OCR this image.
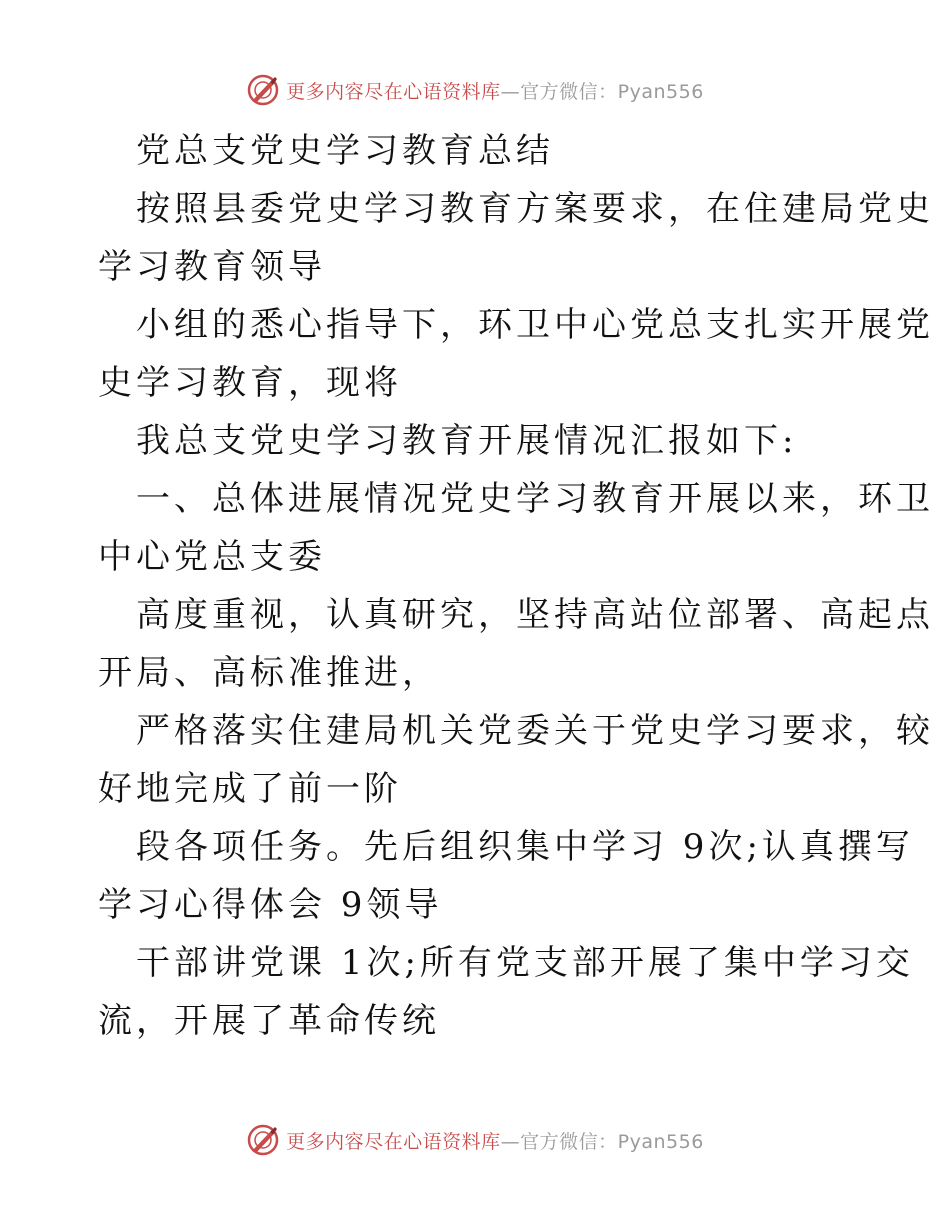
更多内容尽在心语资料库—官方微信：Pyan556
党总支党史学习教育总结
按照县委党史学习教育方案要求，在住建局党史
学习教育领导
小组的悉心指导下，环卫中心党总支扎实开展党
史学习教育，现将
我总支党史学习教育开展情况汇报如下:
一、总体进展情况党史学习教育开展以来，环卫
中心党总支委
高度重视，认真研究，坚持高站位部署、高起点
开局、高标准推进，
严格落实住建局机关党委关于党史学习要求，较
好地完成了前一阶
段各项任务。先后组织集中学习 9次;认真撰写
学习心得体会 9领导
干部讲党课 1次;所有党支部开展了集中学习交
流，开展了革命传统
更多内容尽在心语资料库—官方微信：Pyan556
